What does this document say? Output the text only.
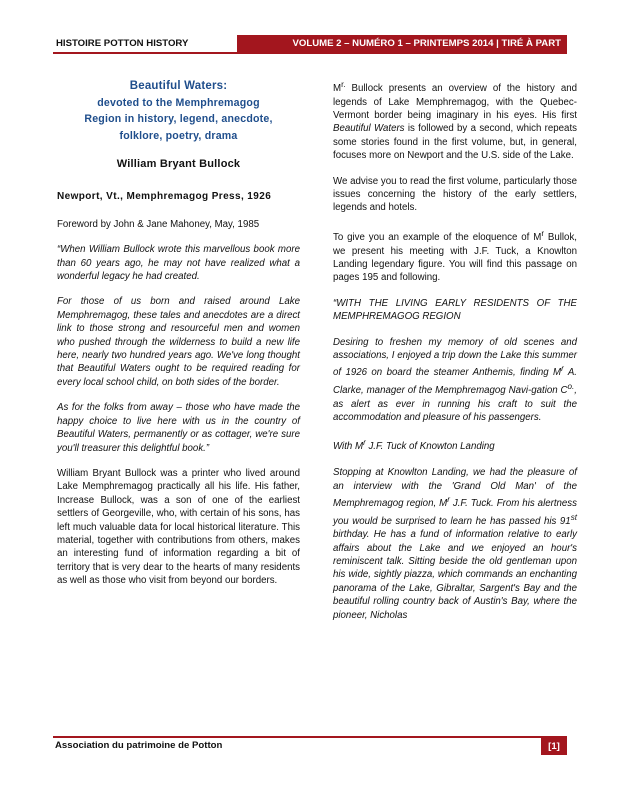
HISTOIRE POTTON HISTORY	VOLUME 2 – NUMÉRO 1 – PRINTEMPS 2014 | TIRÉ À PART
Beautiful Waters:
devoted to the Memphremagog
Region in history, legend, anecdote,
folklore, poetry, drama
William Bryant Bullock
Newport, Vt., Memphremagog Press, 1926
Foreword by John & Jane Mahoney, May, 1985

“When William Bullock wrote this marvellous book more than 60 years ago, he may not have realized what a wonderful legacy he had created.

For those of us born and raised around Lake Memphremagog, these tales and anecdotes are a direct link to those strong and resourceful men and women who pushed through the wilderness to build a new life here, nearly two hundred years ago. We've long thought that Beautiful Waters ought to be required reading for every local school child, on both sides of the border.

As for the folks from away – those who have made the happy choice to live here with us in the country of Beautiful Waters, permanently or as cottager, we're sure you'll treasurer this delightful book.”

William Bryant Bullock was a printer who lived around Lake Memphremagog practically all his life. His father, Increase Bullock, was a son of one of the earliest settlers of Georgeville, who, with certain of his sons, has left much valuable data for local historical literature. This material, together with contributions from others, makes an interesting fund of information regarding a bit of territory that is very dear to the hearts of many residents as well as those who visit from beyond our borders.

$M^{r.}$ Bullock presents an overview of the history and legends of Lake Memphremagog, with the Quebec-Vermont border being imaginary in his eyes. His first Beautiful Waters is followed by a second, which repeats some stories found in the first volume, but, in general, focuses more on Newport and the U.S. side of the Lake.

We advise you to read the first volume, particularly those issues concerning the history of the early settlers, legends and hotels.

To give you an example of the eloquence of $M^r$ Bullok, we present his meeting with J.F. Tuck, a Knowlton Landing legendary figure. You will find this passage on pages 195 and following.

“WITH THE LIVING EARLY RESIDENTS OF THE MEMPHREMAGOG REGION

Desiring to freshen my memory of old scenes and associations, I enjoyed a trip down the Lake this summer of 1926 on board the steamer Anthemis, finding $M^r$ A. Clarke, manager of the Memphremagog Navi-gation $C^{o.}$, as alert as ever in running his craft to suit the accommodation and pleasure of his passengers.

With $M^r$ J.F. Tuck of Knowton Landing

Stopping at Knowlton Landing, we had the pleasure of an interview with the 'Grand Old Man' of the Memphremagog region, $M^r$ J.F. Tuck. From his alertness you would be surprised to learn he has passed his 91st birthday. He has a fund of information relative to early affairs about the Lake and we enjoyed an hour's reminiscent talk. Sitting beside the old gentleman upon his wide, sightly piazza, which commands an enchanting panorama of the Lake, Gibraltar, Sargent's Bay and the beautiful rolling country back of Austin's Bay, where the pioneer, Nicholas

Association du patrimoine de Potton	[1]
